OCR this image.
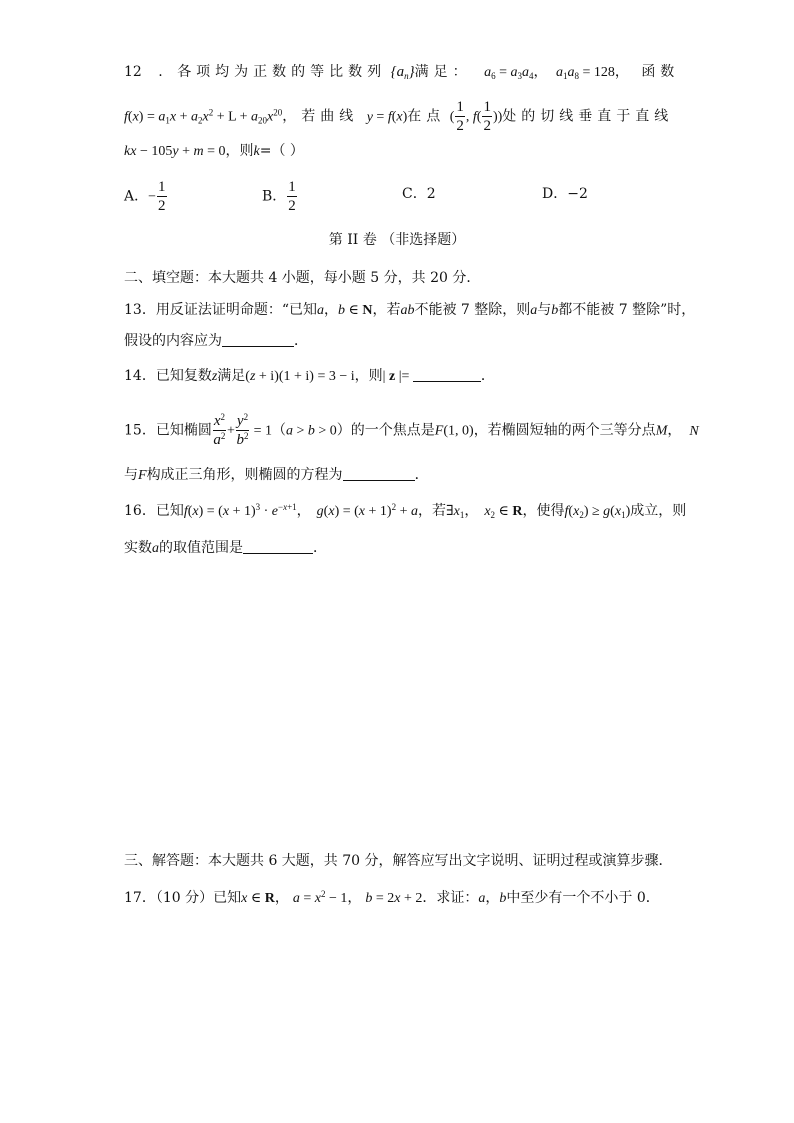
12 . 各项均为正数的等比数列 $\{a_n\}$满足： $a_6 = a_3a_4$， $a_1a_8 = 128$， 函数
$f(x) = a_1x + a_2x^2 + L + a_{20}x^{20}$，若曲线 y = f(x)在点 ( $\frac{1}{2}$ , $f( \frac{1}{2}$ ))处的切线垂直于直线
kx − 105y + m = 0，则k=（ ）
A．− $\frac{1}{2}$	B． $\frac{1}{2}$	C．2	D．−2
第 II 卷 （非选择题）
二、填空题：本大题共 4 小题，每小题 5 分，共 20 分．
13．用反证法证明命题：“已知a，b ∈ N，若ab不能被 7 整除，则a与b都不能被 7 整除”时，
假设的内容应为	．
14．已知复数z满足(z + i)(1 + i) = 3 − i，则| z |=	．
15．已知椭圆 $\frac{x^2}{a^2} + \frac{y^2}{b^2} = 1(a > b > 0)$的一个焦点是F(1, 0)，若椭圆短轴的两个三等分点M， N
与F构成正三角形，则椭圆的方程为	．
16．已知$f(x) = (x + 1)^3 \cdot e^{-x+1}$， $g(x) = (x + 1)^2 + a$，若$\exists x_1$， $x_2$ ∈ R，使得$f(x_2) \ge g(x_1)$成立，则
实数a的取值范围是	．
三、解答题：本大题共 6 大题，共 70 分，解答应写出文字说明、证明过程或演算步骤．
17．（10 分）已知x ∈ R， $a = x^2 - 1$， b = 2x + 2．求证：a，b中至少有一个不小于 0．
